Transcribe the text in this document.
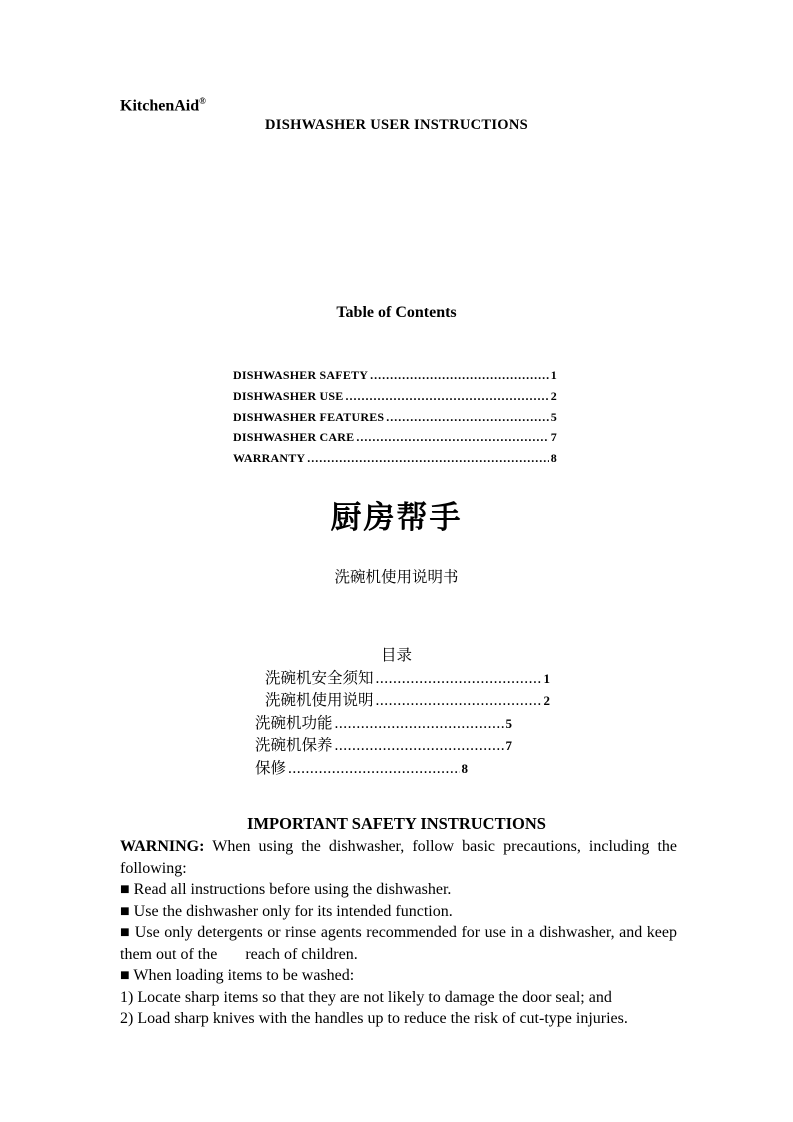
KitchenAid®
DISHWASHER USER INSTRUCTIONS
Table of Contents
DISHWASHER SAFETY .....	1
DISHWASHER USE .....	2
DISHWASHER FEATURES .....	5
DISHWASHER CARE .....	7
WARRANTY .....	8
厨房帮手
洗碗机使用说明书
目录
洗碗机安全须知 .....	1
洗碗机使用说明 .....	2
洗碗机功能 .....	5
洗碗机保养 .....	7
保修 .....	8
IMPORTANT SAFETY INSTRUCTIONS

WARNING: When using the dishwasher, follow basic precautions, including the following:

■ Read all instructions before using the dishwasher.

■ Use the dishwasher only for its intended function.

■ Use only detergents or rinse agents recommended for use in a dishwasher, and keep them out of the       reach of children.

■ When loading items to be washed:

1) Locate sharp items so that they are not likely to damage the door seal; and

2) Load sharp knives with the handles up to reduce the risk of cut-type injuries.
